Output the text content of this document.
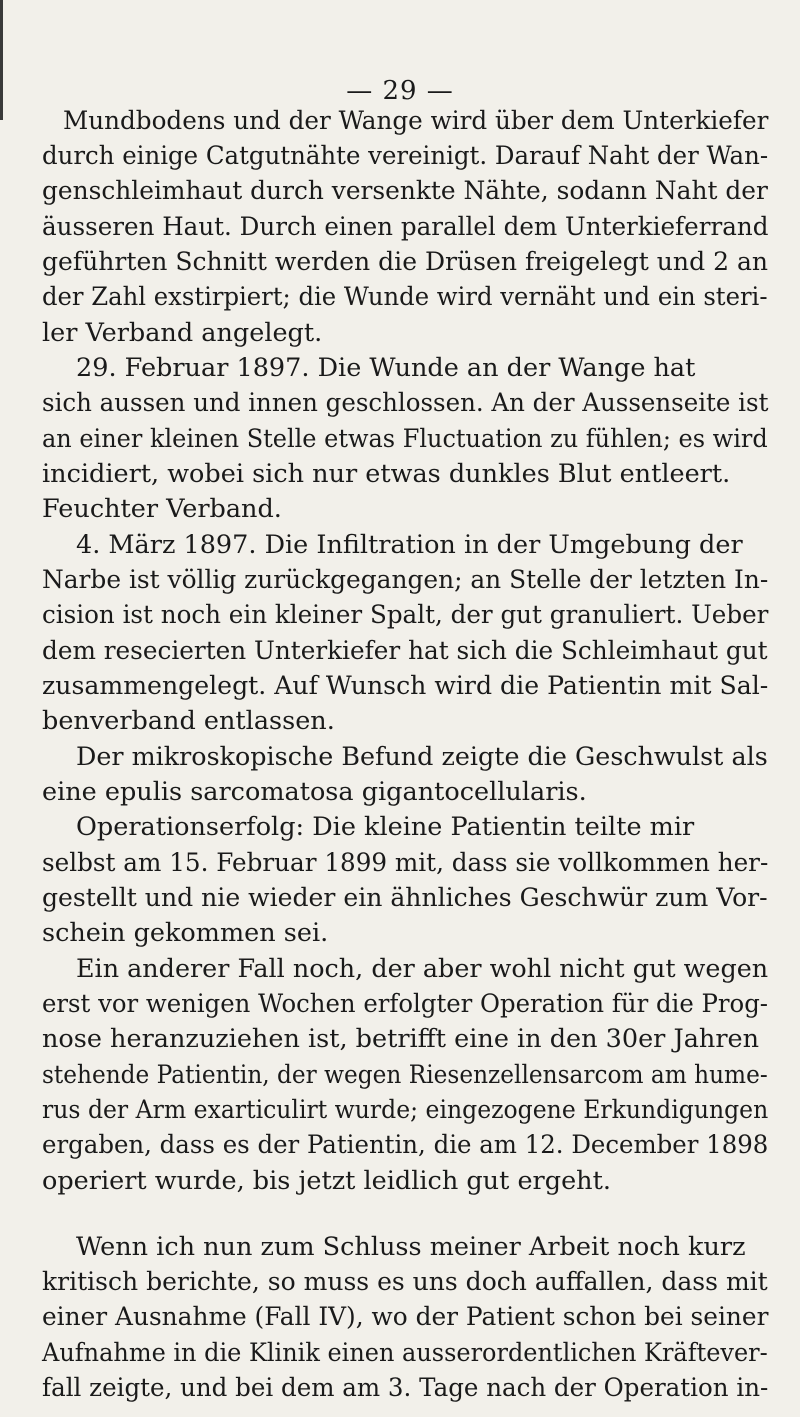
— 29 —
Mundbodens und der Wange wird über dem Unterkiefer
durch einige Catgutnähte vereinigt. Darauf Naht der Wan-
genschleimhaut durch versenkte Nähte, sodann Naht der
äusseren Haut. Durch einen parallel dem Unterkieferrand
geführten Schnitt werden die Drüsen freigelegt und 2 an
der Zahl exstirpiert; die Wunde wird vernäht und ein steri-
ler Verband angelegt.
29. Februar 1897. Die Wunde an der Wange hat
sich aussen und innen geschlossen. An der Aussenseite ist
an einer kleinen Stelle etwas Fluctuation zu fühlen; es wird
incidiert, wobei sich nur etwas dunkles Blut entleert.
Feuchter Verband.
4. März 1897. Die Infiltration in der Umgebung der
Narbe ist völlig zurückgegangen; an Stelle der letzten In-
cision ist noch ein kleiner Spalt, der gut granuliert. Ueber
dem resecierten Unterkiefer hat sich die Schleimhaut gut
zusammengelegt. Auf Wunsch wird die Patientin mit Sal-
benverband entlassen.
Der mikroskopische Befund zeigte die Geschwulst als
eine epulis sarcomatosa gigantocellularis.
Operationserfolg: Die kleine Patientin teilte mir
selbst am 15. Februar 1899 mit, dass sie vollkommen her-
gestellt und nie wieder ein ähnliches Geschwür zum Vor-
schein gekommen sei.
Ein anderer Fall noch, der aber wohl nicht gut wegen
erst vor wenigen Wochen erfolgter Operation für die Prog-
nose heranzuziehen ist, betrifft eine in den 30er Jahren
stehende Patientin, der wegen Riesenzellensarcom am hume-
rus der Arm exarticulirt wurde; eingezogene Erkundigungen
ergaben, dass es der Patientin, die am 12. December 1898
operiert wurde, bis jetzt leidlich gut ergeht.
Wenn ich nun zum Schluss meiner Arbeit noch kurz
kritisch berichte, so muss es uns doch auffallen, dass mit
einer Ausnahme (Fall IV), wo der Patient schon bei seiner
Aufnahme in die Klinik einen ausserordentlichen Kräftever-
fall zeigte, und bei dem am 3. Tage nach der Operation in-
